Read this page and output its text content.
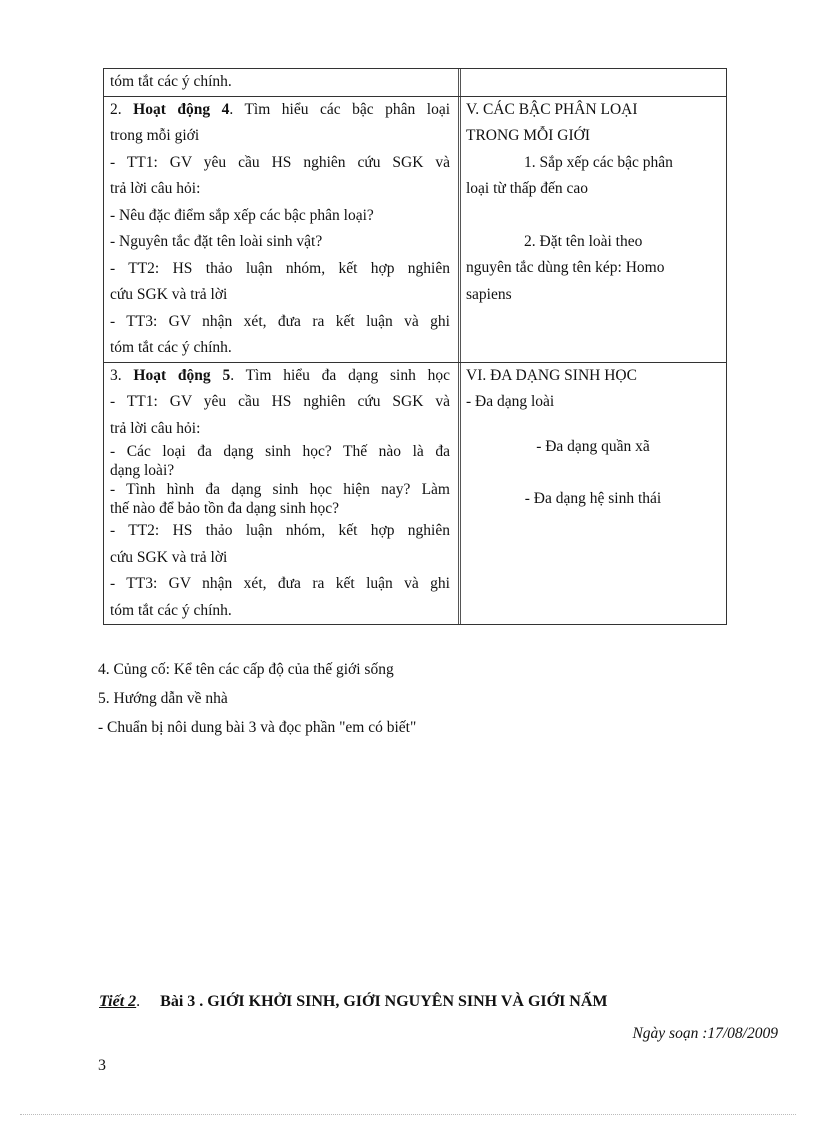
tóm tắt các ý chính.
2. Hoạt động 4. Tìm hiểu các bậc phân loại
trong mỗi giới
- TT1: GV yêu cầu HS nghiên cứu SGK và
trả lời câu hỏi:
- Nêu đặc điểm sắp xếp các bậc phân loại?
- Nguyên tắc đặt tên loài sinh vật?
- TT2: HS thảo luận nhóm, kết hợp nghiên
cứu SGK và trả lời
- TT3: GV nhận xét, đưa ra kết luận và ghi
tóm tắt các ý chính.
V. CÁC BẬC PHÂN LOẠI
TRONG MỖI GIỚI
1. Sắp xếp các bậc phân
loại từ thấp đến cao
2. Đặt tên loài theo
nguyên tắc dùng tên kép: Homo
sapiens
3. Hoạt động 5. Tìm hiểu đa dạng sinh học
- TT1: GV yêu cầu HS nghiên cứu SGK và
trả lời câu hỏi:
- Các loại đa dạng sinh học? Thế nào là đa
dạng loài?
- Tình hình đa dạng sinh học hiện nay? Làm
thế nào để bảo tồn đa dạng sinh học?
- TT2: HS thảo luận nhóm, kết hợp nghiên
cứu SGK và trả lời
- TT3: GV nhận xét, đưa ra kết luận và ghi
tóm tắt các ý chính.
VI. ĐA DẠNG SINH HỌC
- Đa dạng loài
- Đa dạng quần xã
- Đa dạng hệ sinh thái
4. Củng cố: Kể tên các cấp độ của thế giới sống
5. Hướng dẫn về nhà
- Chuẩn bị nôi dung bài 3 và đọc phần "em có biết"
Tiết 2. Bài 3 . GIỚI KHỞI SINH, GIỚI NGUYÊN SINH VÀ GIỚI NẤM
Ngày soạn :17/08/2009
3
